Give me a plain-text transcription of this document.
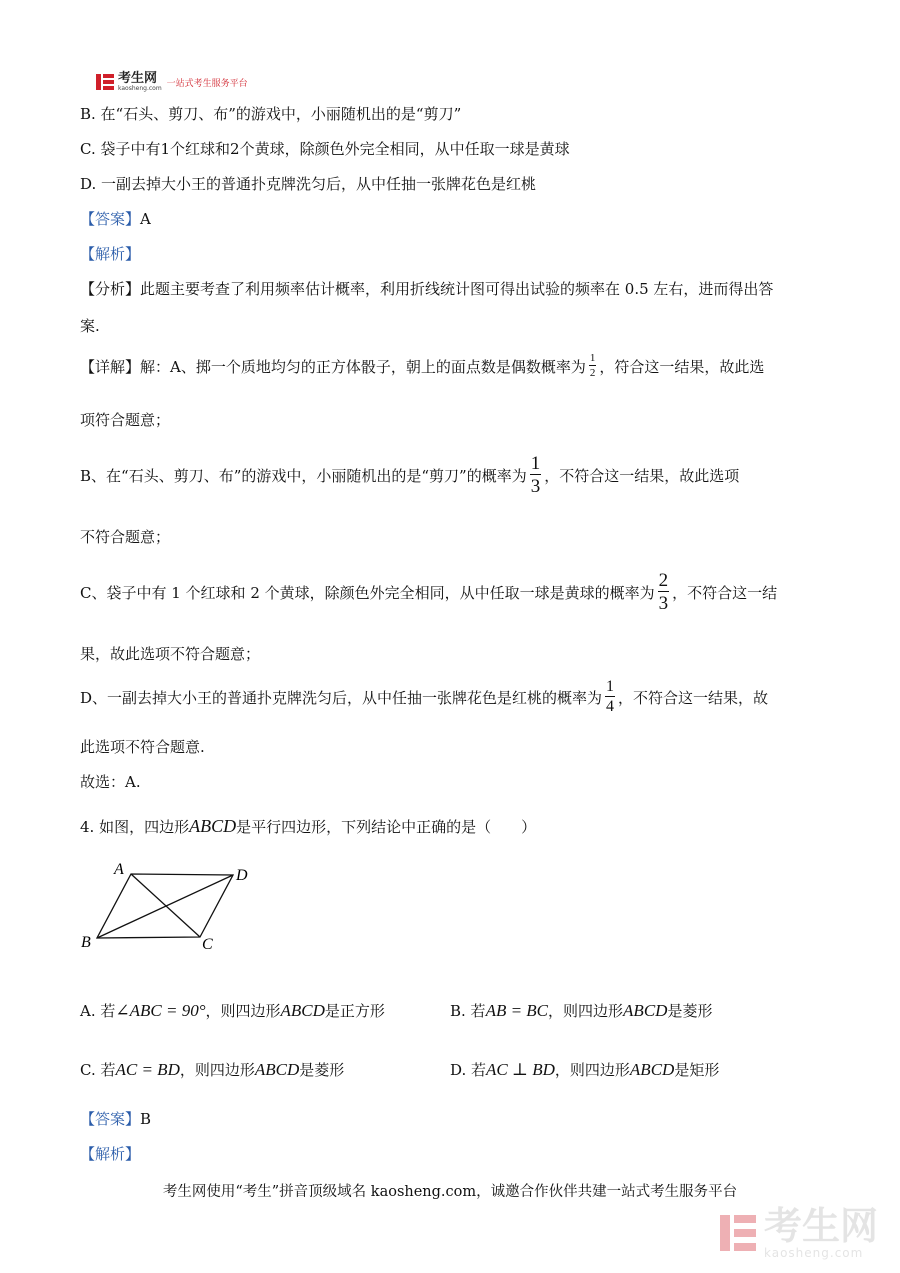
考生网
kaosheng.com 一站式考生服务平台
B. 在“石头、剪刀、布”的游戏中，小丽随机出的是“剪刀”
C. 袋子中有1个红球和2个黄球，除颜色外完全相同，从中任取一球是黄球
D. 一副去掉大小王的普通扑克牌洗匀后，从中任抽一张牌花色是红桃
【答案】A
【解析】
【分析】此题主要考查了利用频率估计概率，利用折线统计图可得出试验的频率在 0.5 左右，进而得出答
案.
【详解】 解：A、掷一个质地均匀的正方体骰子，朝上的面点数是偶数概率为 $\frac{1}{2}$ ，符合这一结果，故此选
项符合题意；
B、在“石头、剪刀、布”的游戏中，小丽随机出的是“剪刀”的概率为 $\frac{1}{3}$ ，不符合这一结果，故此选项
不符合题意；
C、袋子中有 1 个红球和 2 个黄球，除颜色外完全相同，从中任取一球是黄球的概率为 $\frac{2}{3}$ ，不符合这一结
果，故此选项不符合题意；
D、一副去掉大小王的普通扑克牌洗匀后，从中任抽一张牌花色是红桃的概率为 $\frac{1}{4}$ ，不符合这一结果，故
此选项不符合题意.
故选：A.
4. 如图，四边形ABCD是平行四边形，下列结论中正确的是（　　）
A	D
B	C
A. 若∠ABC = 90°，则四边形ABCD是正方形	B. 若AB = BC，则四边形ABCD是菱形
C. 若AC = BD，则四边形ABCD是菱形	D. 若AC ⊥ BD，则四边形ABCD是矩形
【答案】B
【解析】
考生网使用“考生”拼音顶级域名 kaosheng.com，诚邀合作伙伴共建一站式考生服务平台
考生网
kaosheng.com
